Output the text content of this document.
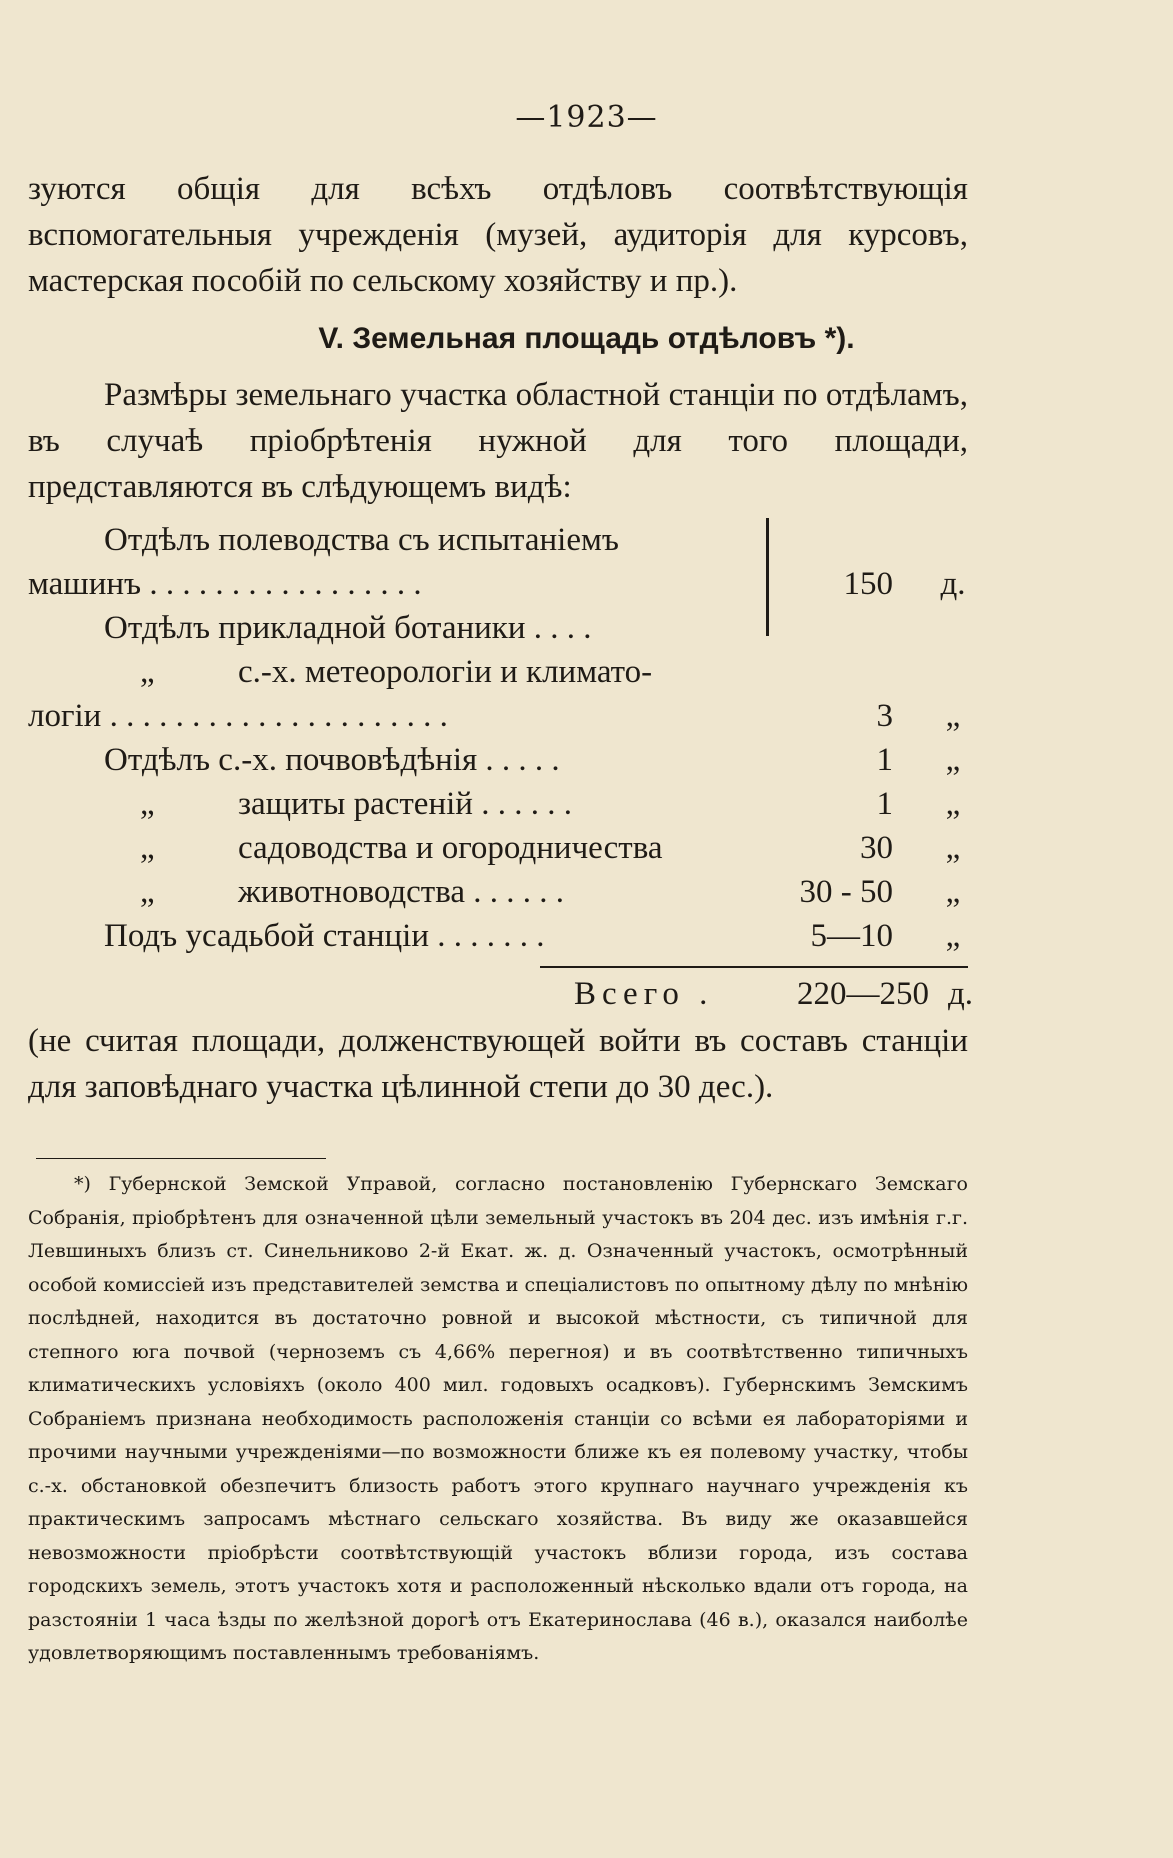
—1923—
зуются общія для всѣхъ отдѣловъ соотвѣтствующія вспомогательныя учрежденія (музей, аудиторія для курсовъ, мастерская пособій по сельскому хозяйству и пр.).
V. Земельная площадь отдѣловъ *).
Размѣры земельнаго участка областной станціи по отдѣламъ, въ случаѣ пріобрѣтенія нужной для того площади, представляются въ слѣдующемъ видѣ:
Отдѣлъ полеводства съ испытаніемъ
машинъ . . . . . . . . . . . . . . . . .	150 д.
Отдѣлъ прикладной ботаники . . . .
„	с.-х. метеорологіи и климато-
логіи . . . . . . . . . . . . . . . . . . . . .	3	„
Отдѣлъ с.-х. почвовѣдѣнія . . . . .	1	„
„	защиты растеній . . . . . .	1	„
„	садоводства и огородничества	30	„
„	животноводства . . . . . .	30 - 50	„
Подъ усадьбой станціи . . . . . . .	5—10	„
Всего .	220—250 д.
(не считая площади, долженствующей войти въ составъ станціи для заповѣднаго участка цѣлинной степи до 30 дес.).
*) Губернской Земской Управой, согласно постановленію Губернскаго Земскаго Собранія, пріобрѣтенъ для означенной цѣли земельный участокъ въ 204 дес. изъ имѣнія г.г. Левшиныхъ близъ ст. Синельниково 2-й Екат. ж. д. Означенный участокъ, осмотрѣнный особой комиссіей изъ представителей земства и спеціалистовъ по опытному дѣлу по мнѣнію послѣдней, находится въ достаточно ровной и высокой мѣстности, съ типичной для степного юга почвой (черноземъ съ 4,66% перегноя) и въ соотвѣтственно типичныхъ климатическихъ условіяхъ (около 400 мил. годовыхъ осадковъ). Губернскимъ Земскимъ Собраніемъ признана необходимость расположенія станціи со всѣми ея лабораторіями и прочими научными учрежденіями—по возможности ближе къ ея полевому участку, чтобы с.-х. обстановкой обезпечитъ близость работъ этого крупнаго научнаго учрежденія къ практическимъ запросамъ мѣстнаго сельскаго хозяйства. Въ виду же оказавшейся невозможности пріобрѣсти соотвѣтствующій участокъ вблизи города, изъ состава городскихъ земель, этотъ участокъ хотя и расположенный нѣсколько вдали отъ города, на разстояніи 1 часа ѣзды по желѣзной дорогѣ отъ Екатеринослава (46 в.), оказался наиболѣе удовлетворяющимъ поставленнымъ требованіямъ.
